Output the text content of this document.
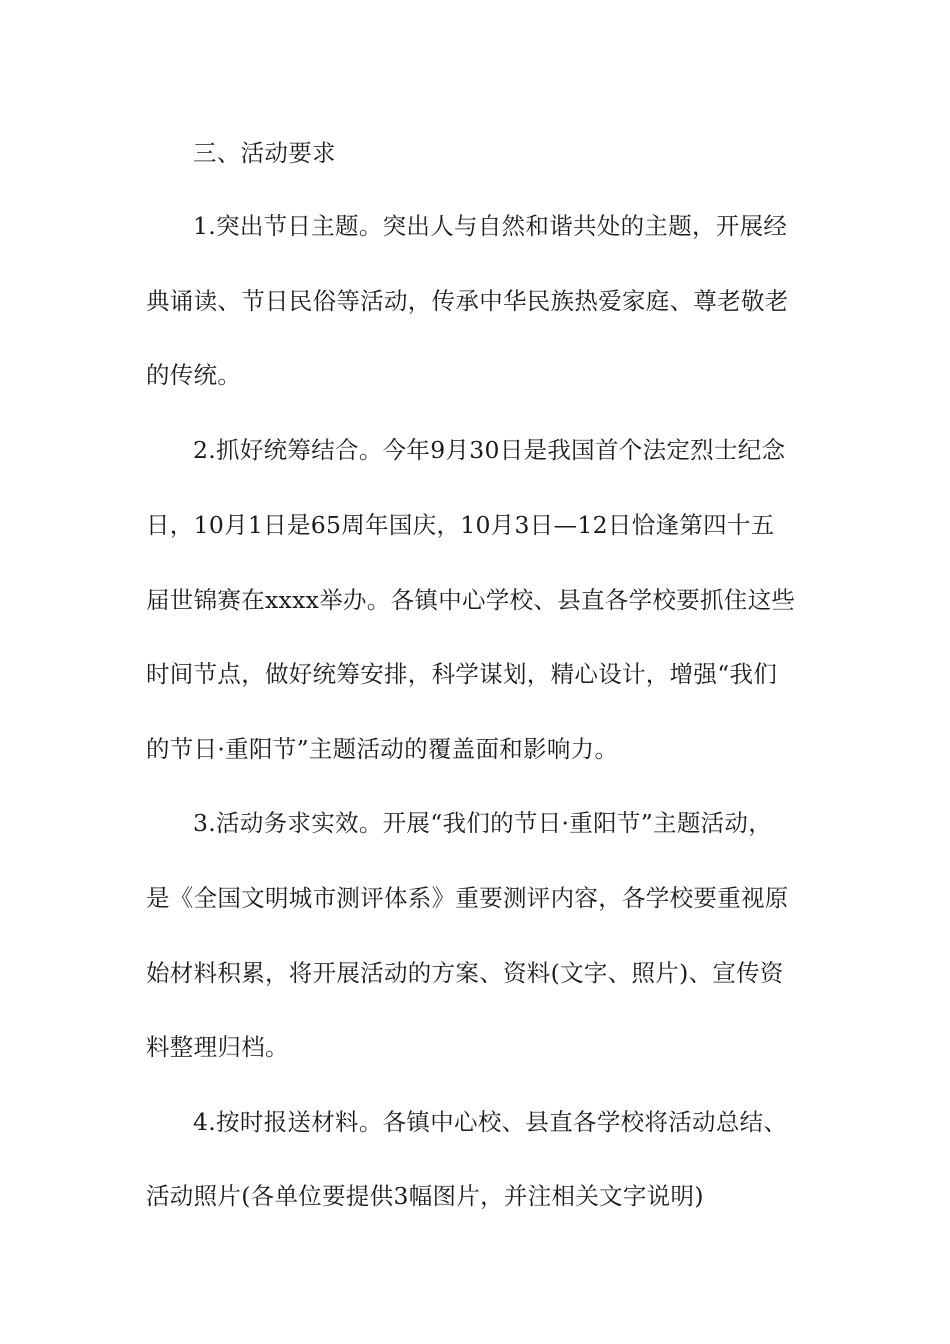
三、活动要求
1.突出节日主题。突出人与自然和谐共处的主题，开展经
典诵读、节日民俗等活动，传承中华民族热爱家庭、尊老敬老
的传统。
2.抓好统筹结合。今年9月30日是我国首个法定烈士纪念
日，10月1日是65周年国庆，10月3日—12日恰逢第四十五
届世锦赛在xxxx举办。各镇中心学校、县直各学校要抓住这些
时间节点，做好统筹安排，科学谋划，精心设计，增强“我们
的节日·重阳节”主题活动的覆盖面和影响力。
3.活动务求实效。开展“我们的节日·重阳节”主题活动，
是《全国文明城市测评体系》重要测评内容，各学校要重视原
始材料积累，将开展活动的方案、资料(文字、照片)、宣传资
料整理归档。
4.按时报送材料。各镇中心校、县直各学校将活动总结、
活动照片(各单位要提供3幅图片，并注相关文字说明)
